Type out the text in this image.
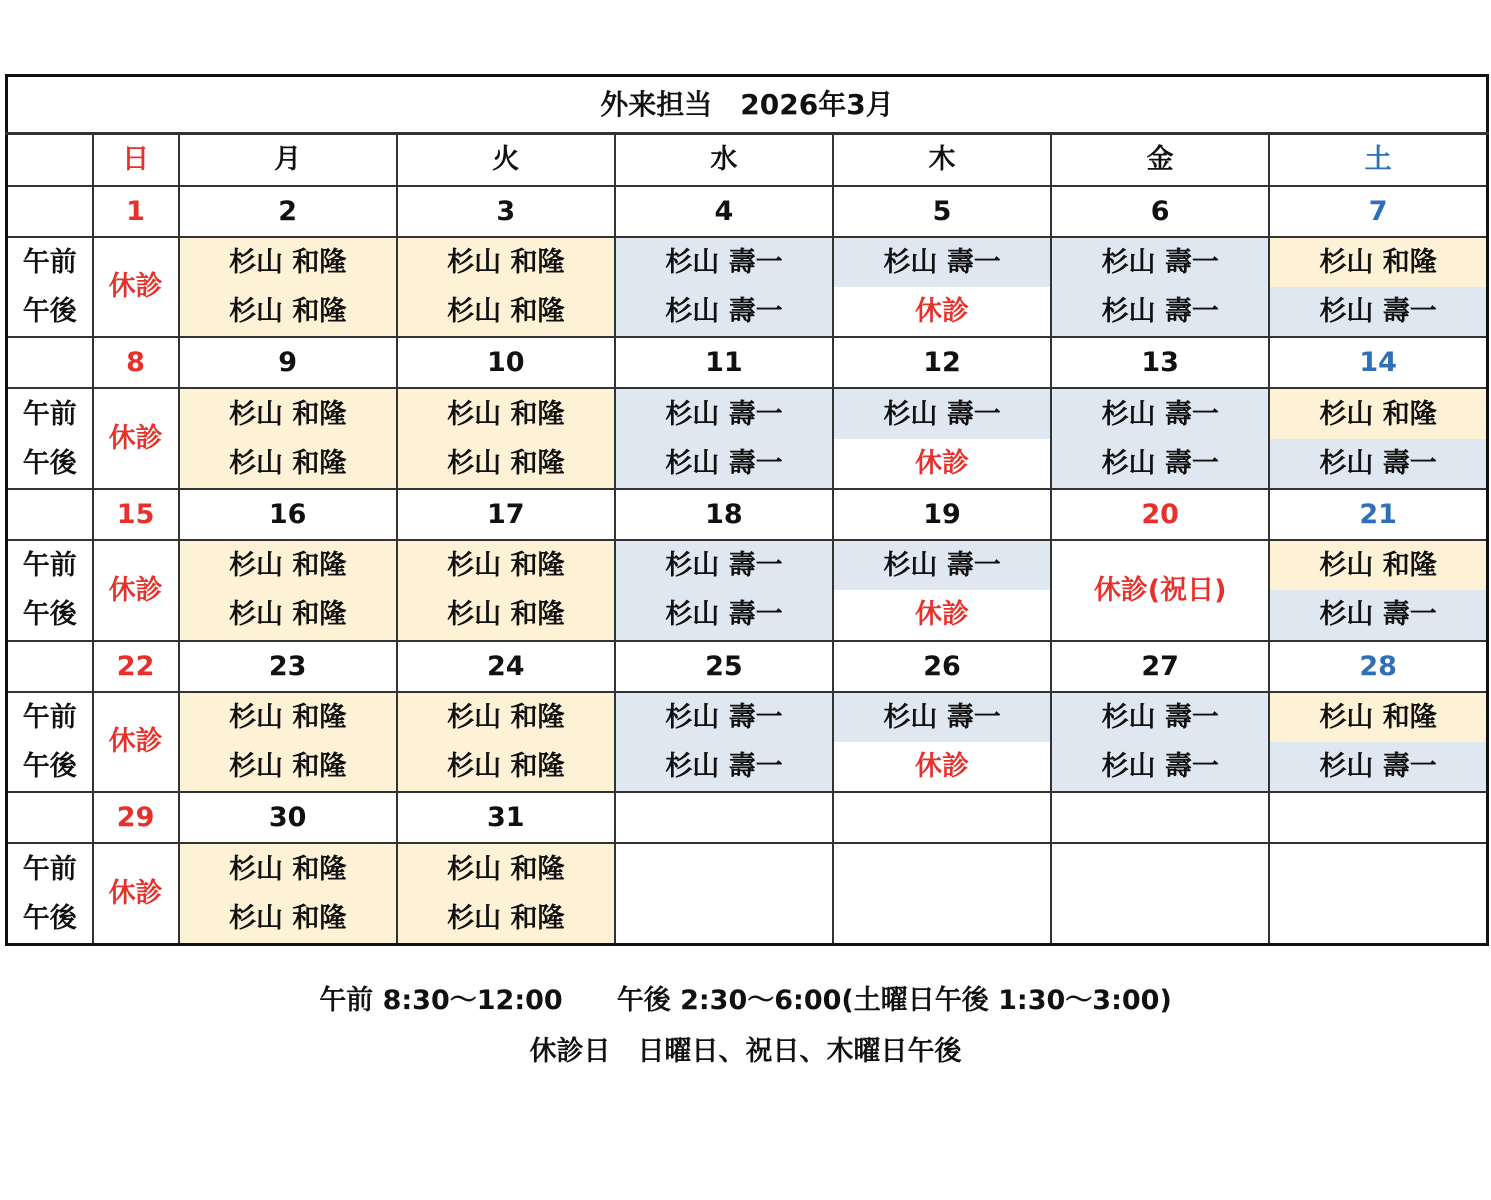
外来担当　2026年3月							
	日	月	火	水	木	金	土
	1	2	3	4	5	6	7
午前	休診	杉山 和隆	杉山 和隆	杉山 壽一	杉山 壽一	杉山 壽一	杉山 和隆
午後		杉山 和隆	杉山 和隆	杉山 壽一	休診	杉山 壽一	杉山 壽一
	8	9	10	11	12	13	14
午前	休診	杉山 和隆	杉山 和隆	杉山 壽一	杉山 壽一	杉山 壽一	杉山 和隆
午後		杉山 和隆	杉山 和隆	杉山 壽一	休診	杉山 壽一	杉山 壽一
	15	16	17	18	19	20	21
午前	休診	杉山 和隆	杉山 和隆	杉山 壽一	杉山 壽一	休診(祝日)	杉山 和隆
午後		杉山 和隆	杉山 和隆	杉山 壽一	休診		杉山 壽一
	22	23	24	25	26	27	28
午前	休診	杉山 和隆	杉山 和隆	杉山 壽一	杉山 壽一	杉山 壽一	杉山 和隆
午後		杉山 和隆	杉山 和隆	杉山 壽一	休診	杉山 壽一	杉山 壽一
	29	30	31				
午前	休診	杉山 和隆	杉山 和隆				
午後		杉山 和隆	杉山 和隆				
午前 8:30～12:00　　午後 2:30～6:00(土曜日午後 1:30～3:00)
休診日　日曜日、祝日、木曜日午後
